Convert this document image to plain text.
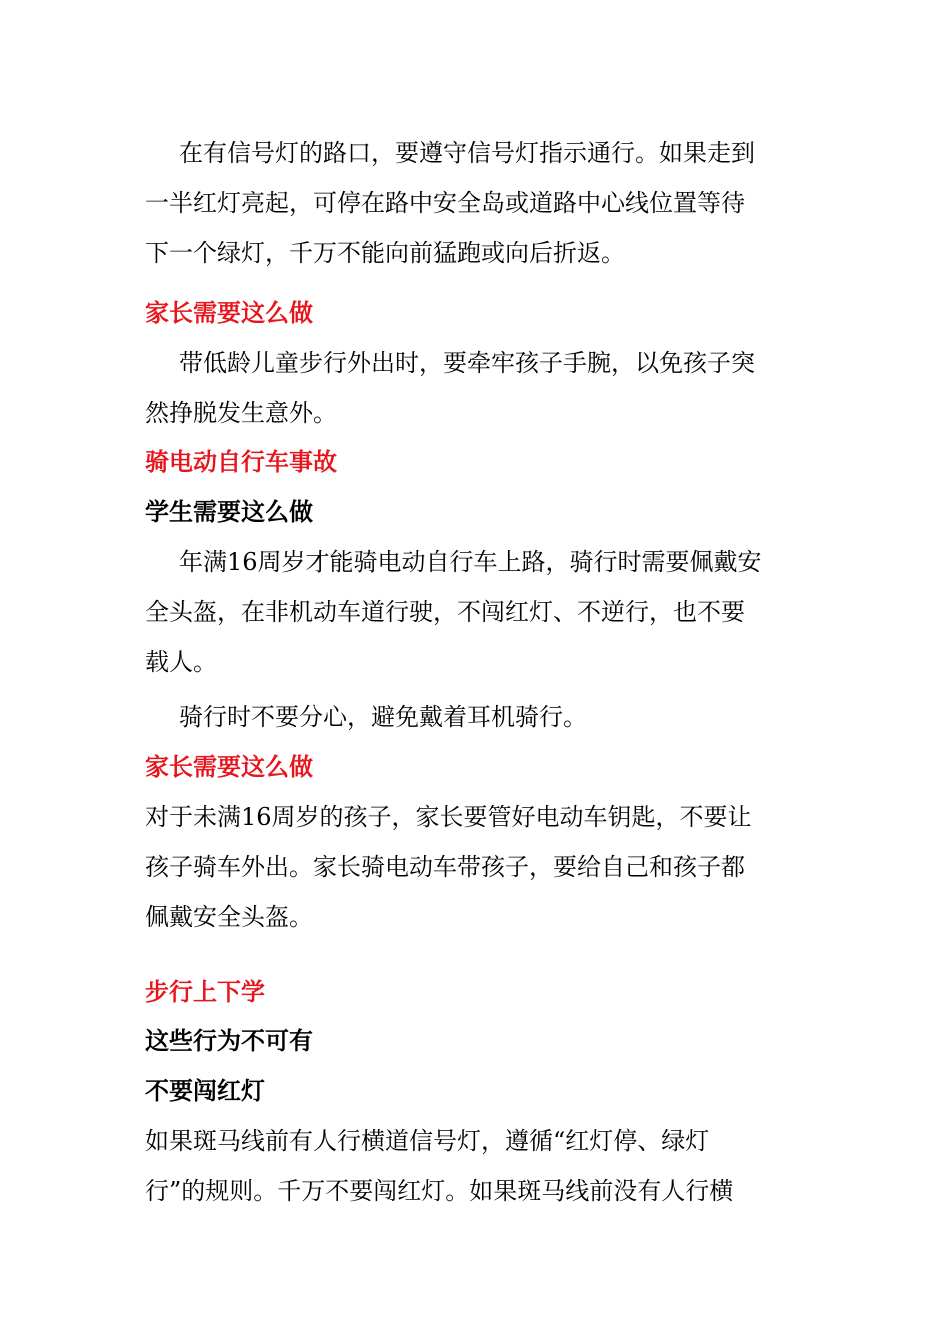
在有信号灯的路口，要遵守信号灯指示通行。如果走到
一半红灯亮起，可停在路中安全岛或道路中心线位置等待
下一个绿灯，千万不能向前猛跑或向后折返。
家长需要这么做
带低龄儿童步行外出时，要牵牢孩子手腕，以免孩子突
然挣脱发生意外。
骑电动自行车事故
学生需要这么做
年满16周岁才能骑电动自行车上路，骑行时需要佩戴安
全头盔，在非机动车道行驶，不闯红灯、不逆行，也不要
载人。
骑行时不要分心，避免戴着耳机骑行。
家长需要这么做
对于未满16周岁的孩子，家长要管好电动车钥匙，不要让
孩子骑车外出。家长骑电动车带孩子，要给自己和孩子都
佩戴安全头盔。
步行上下学
这些行为不可有
不要闯红灯
如果斑马线前有人行横道信号灯，遵循“红灯停、绿灯
行”的规则。千万不要闯红灯。如果斑马线前没有人行横
